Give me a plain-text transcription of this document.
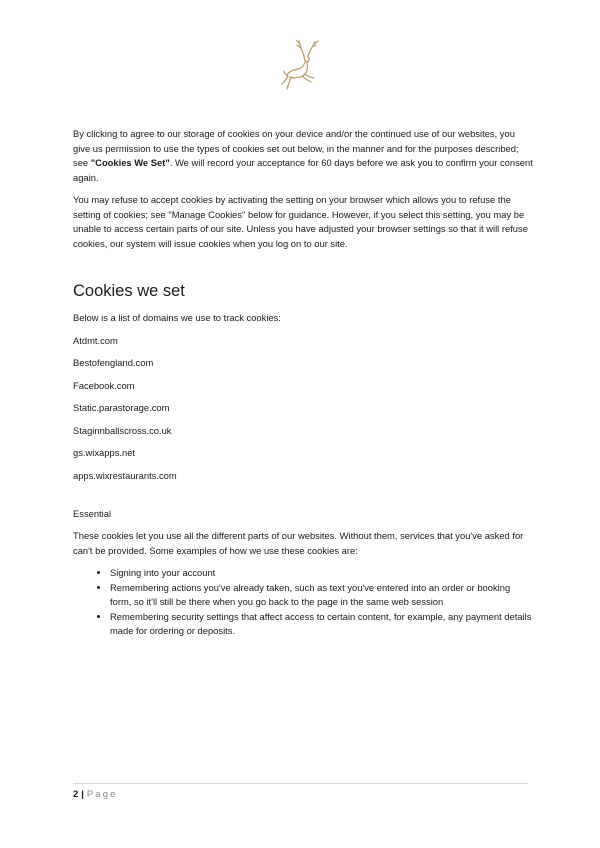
By clicking to agree to our storage of cookies on your device and/or the continued use of our websites, you give us permission to use the types of cookies set out below, in the manner and for the purposes described; see "Cookies We Set". We will record your acceptance for 60 days before we ask you to confirm your consent again.

You may refuse to accept cookies by activating the setting on your browser which allows you to refuse the setting of cookies; see "Manage Cookies" below for guidance. However, if you select this setting, you may be unable to access certain parts of our site. Unless you have adjusted your browser settings so that it will refuse cookies, our system will issue cookies when you log on to our site.

Cookies we set

Below is a list of domains we use to track cookies:

Atdmt.com

Bestofengland.com

Facebook.com

Static.parastorage.com

Staginnballscross.co.uk

gs.wixapps.net

apps.wixrestaurants.com

Essential

These cookies let you use all the different parts of our websites. Without them, services that you've asked for can't be provided. Some examples of how we use these cookies are:

• Signing into your account
• Remembering actions you've already taken, such as text you've entered into an order or booking form, so it'll still be there when you go back to the page in the same web session
• Remembering security settings that affect access to certain content, for example, any payment details made for ordering or deposits.
2 | Page
